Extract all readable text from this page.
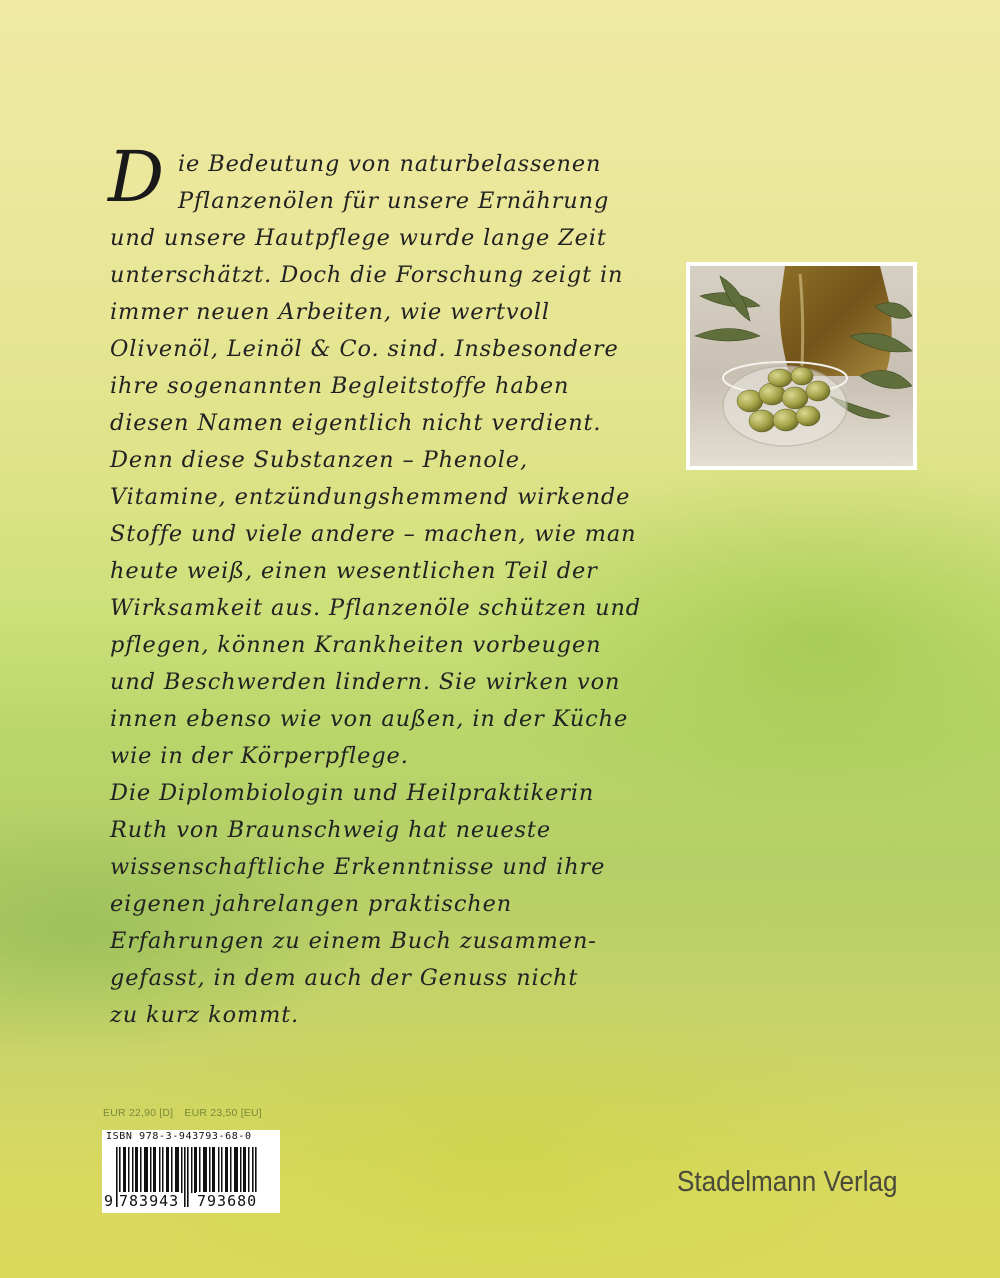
D ie Bedeutung von naturbelassenen
Pflanzenölen für unsere Ernährung
und unsere Hautpflege wurde lange Zeit
unterschätzt. Doch die Forschung zeigt in
immer neuen Arbeiten, wie wertvoll
Olivenöl, Leinöl & Co. sind. Insbesondere
ihre sogenannten Begleitstoffe haben
diesen Namen eigentlich nicht verdient.
Denn diese Substanzen – Phenole,
Vitamine, entzündungshemmend wirkende
Stoffe und viele andere – machen, wie man
heute weiß, einen wesentlichen Teil der
Wirksamkeit aus. Pflanzenöle schützen und
pflegen, können Krankheiten vorbeugen
und Beschwerden lindern. Sie wirken von
innen ebenso wie von außen, in der Küche
wie in der Körperpflege.
Die Diplombiologin und Heilpraktikerin
Ruth von Braunschweig hat neueste
wissenschaftliche Erkenntnisse und ihre
eigenen jahrelangen praktischen
Erfahrungen zu einem Buch zusammen-
gefasst, in dem auch der Genuss nicht
zu kurz kommt.
EUR 22,90 [D] EUR 23,50 [EU]
ISBN 978-3-943793-68-0
9 783943 793680
Stadelmann Verlag
